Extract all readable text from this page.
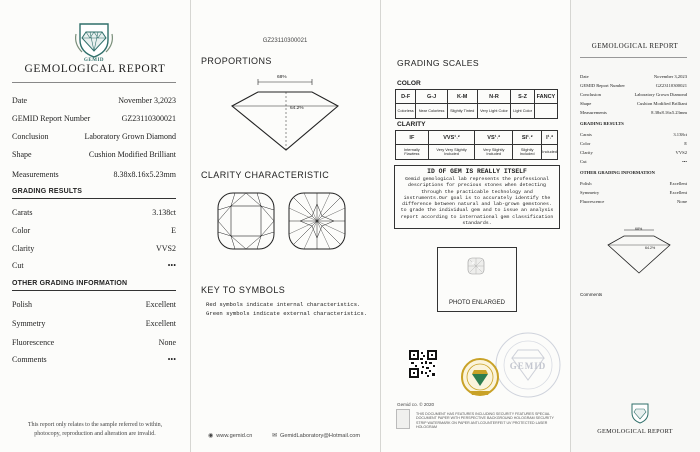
GEMID
GEMOLOGICAL REPORT
Date	November 3,2023
GEMID Report Number	GZ23110300021
Conclusion	Laboratory Grown Diamond
Shape	Cushion Modified Brilliant
Measurements	8.38x8.16x5.23mm
GRADING RESULTS
Carats	3.138ct
Color	E
Clarity	VVS2
Cut	•••
OTHER GRADING INFORMATION
Polish	Excellent
Symmetry	Excellent
Fluorescence	None
Comments	•••
This report only relates to the sample referred to within, photocopy, reproduction and alteration are invalid.
GZ23110300021
PROPORTIONS
68%
64.2%
CLARITY CHARACTERISTIC
KEY TO SYMBOLS
Red symbols indicate internal characteristics.
Green symbols indicate external characteristics.
◉ www.gemid.cn	✉ GemidLaboratory@Hotmail.com
GRADING SCALES
COLOR
D-F	G-J	K-M	N-R	S-Z	FANCY
Colorless	Near Colorless	Slightly Tinted	Very Light Color	Light Color	
CLARITY
IF	VVS¹˒²	VS¹˒²	SI¹˒²	I¹˒²
Internally Flawless	Very Very Slightly Included	Very Slightly Included	Slightly Included	Included
ID OF GEM IS REALLY ITSELF
Gemid gemological lab represents the professional descriptions for precious stones when detecting through the practicable technology and instruments.Our goal is to accurately identify the difference between natural and lab-grown gemstones. to grade the individual gem and to issue an analysis report according to international gem classification standards.
PHOTO ENLARGED
GEMID
Gemid co. © 2020
THIS DOCUMENT HAS FEATURES INCLUDING SECURITY FEATURES SPECIAL DOCUMENT PAPER WITH PERSPECTIVE BACKGROUND HOLOGRAM SECURITY STRIP WATERMARK ON PAPER ANTI-COUNTERFEIT UV PROTECTED LASER HOLOGRAM
GEMOLOGICAL REPORT
Date	November 3,2023
GEMID Report Number	GZ23110300021
Conclusion	Laboratory Grown Diamond
Shape	Cushion Modified Brilliant
Measurements	8.38x8.16x5.23mm
GRADING RESULTS
Carats	3.138ct
Color	E
Clarity	VVS2
Cut	•••
OTHER GRADING INFORMATION
Polish	Excellent
Symmetry	Excellent
Fluorescence	None
68%
64.2%
Comments
GEMOLOGICAL REPORT
